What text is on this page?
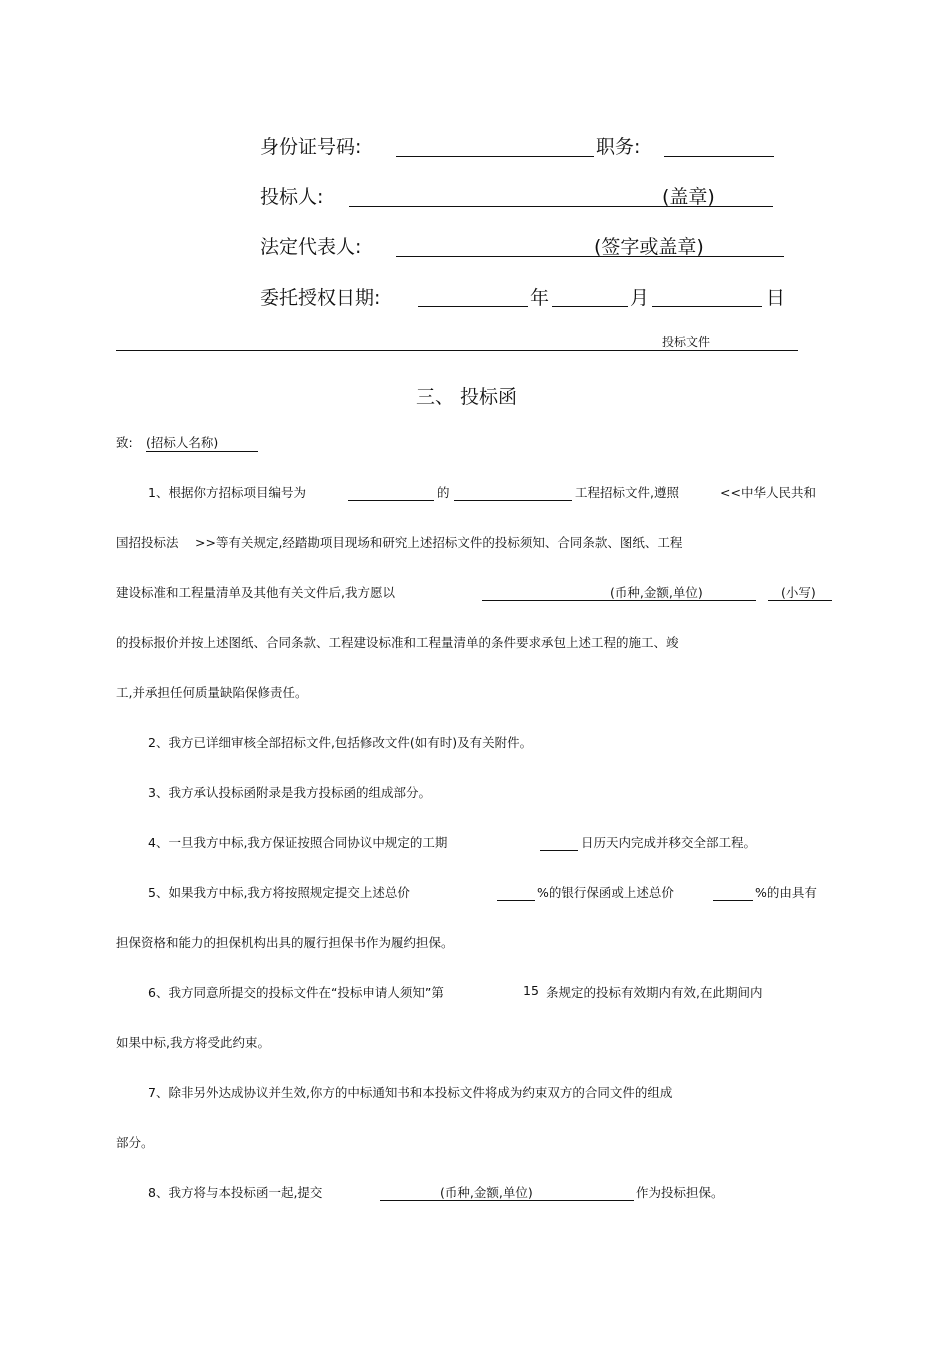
身份证号码:	职务:
投标人:	(盖章)
法定代表人:	(签字或盖章)
委托授权日期:	年	月	日
投标文件
三、 投标函
致: (招标人名称)
1、根据你方招标项目编号为	的	工程招标文件,遵照	<<中华人民共和
国招投标法 >>等有关规定,经踏勘项目现场和研究上述招标文件的投标须知、合同条款、图纸、工程
建设标准和工程量清单及其他有关文件后,我方愿以	(币种,金额,单位)	(小写)
的投标报价并按上述图纸、合同条款、工程建设标准和工程量清单的条件要求承包上述工程的施工、竣
工,并承担任何质量缺陷保修责任。
2、我方已详细审核全部招标文件,包括修改文件(如有时)及有关附件。
3、我方承认投标函附录是我方投标函的组成部分。
4、一旦我方中标,我方保证按照合同协议中规定的工期	日历天内完成并移交全部工程。
5、如果我方中标,我方将按照规定提交上述总价	%的银行保函或上述总价	%的由具有
担保资格和能力的担保机构出具的履行担保书作为履约担保。
6、我方同意所提交的投标文件在“投标申请人须知”第	15 条规定的投标有效期内有效,在此期间内
如果中标,我方将受此约束。
7、除非另外达成协议并生效,你方的中标通知书和本投标文件将成为约束双方的合同文件的组成
部分。
8、我方将与本投标函一起,提交	(币种,金额,单位)	作为投标担保。
